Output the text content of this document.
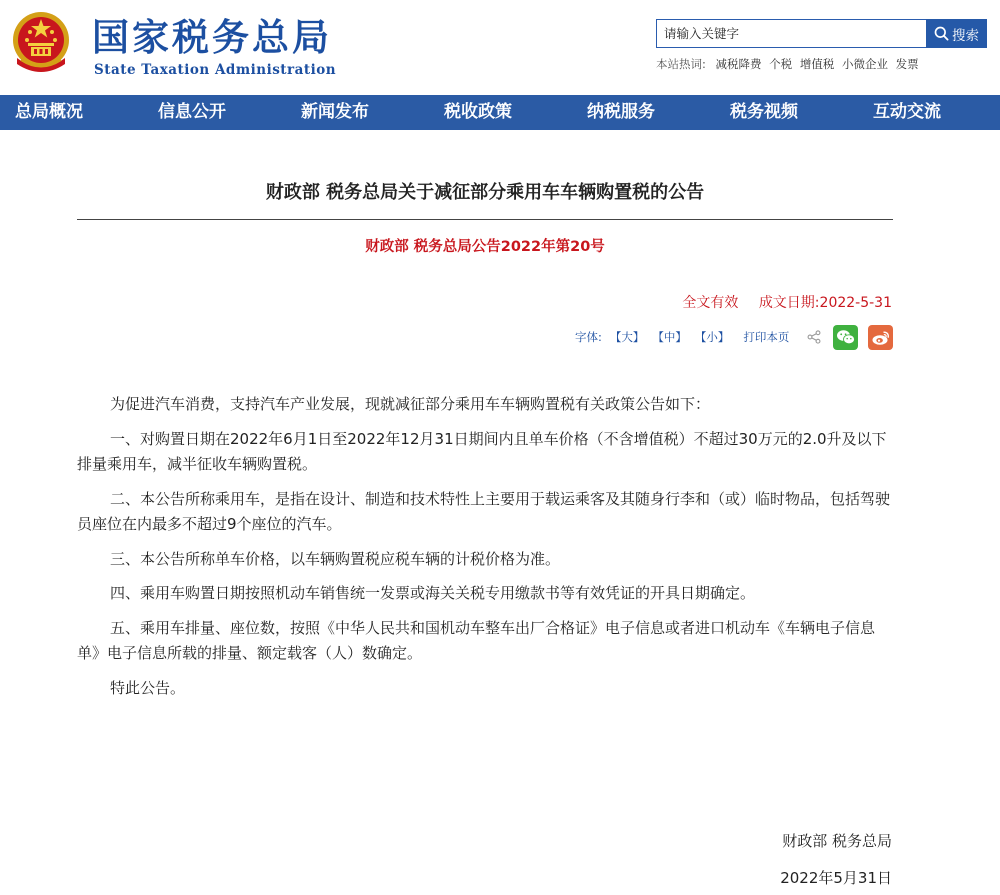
国家税务总局
State Taxation Administration
请输入关键字
搜索
本站热词: 减税降费 个税 增值税 小微企业 发票
总局概况	信息公开	新闻发布	税收政策	纳税服务	税务视频	互动交流
财政部 税务总局关于减征部分乘用车车辆购置税的公告
财政部 税务总局公告2022年第20号
全文有效 成文日期:2022-5-31
字体: 【大】 【中】 【小】 打印本页

为促进汽车消费，支持汽车产业发展，现就减征部分乘用车车辆购置税有关政策公告如下：

一、对购置日期在2022年6月1日至2022年12月31日期间内且单车价格（不含增值税）不超过30万元的2.0升及以下排量乘用车，减半征收车辆购置税。

二、本公告所称乘用车，是指在设计、制造和技术特性上主要用于载运乘客及其随身行李和（或）临时物品，包括驾驶员座位在内最多不超过9个座位的汽车。

三、本公告所称单车价格，以车辆购置税应税车辆的计税价格为准。

四、乘用车购置日期按照机动车销售统一发票或海关关税专用缴款书等有效凭证的开具日期确定。

五、乘用车排量、座位数，按照《中华人民共和国机动车整车出厂合格证》电子信息或者进口机动车《车辆电子信息单》电子信息所载的排量、额定载客（人）数确定。

特此公告。

财政部 税务总局
2022年5月31日
